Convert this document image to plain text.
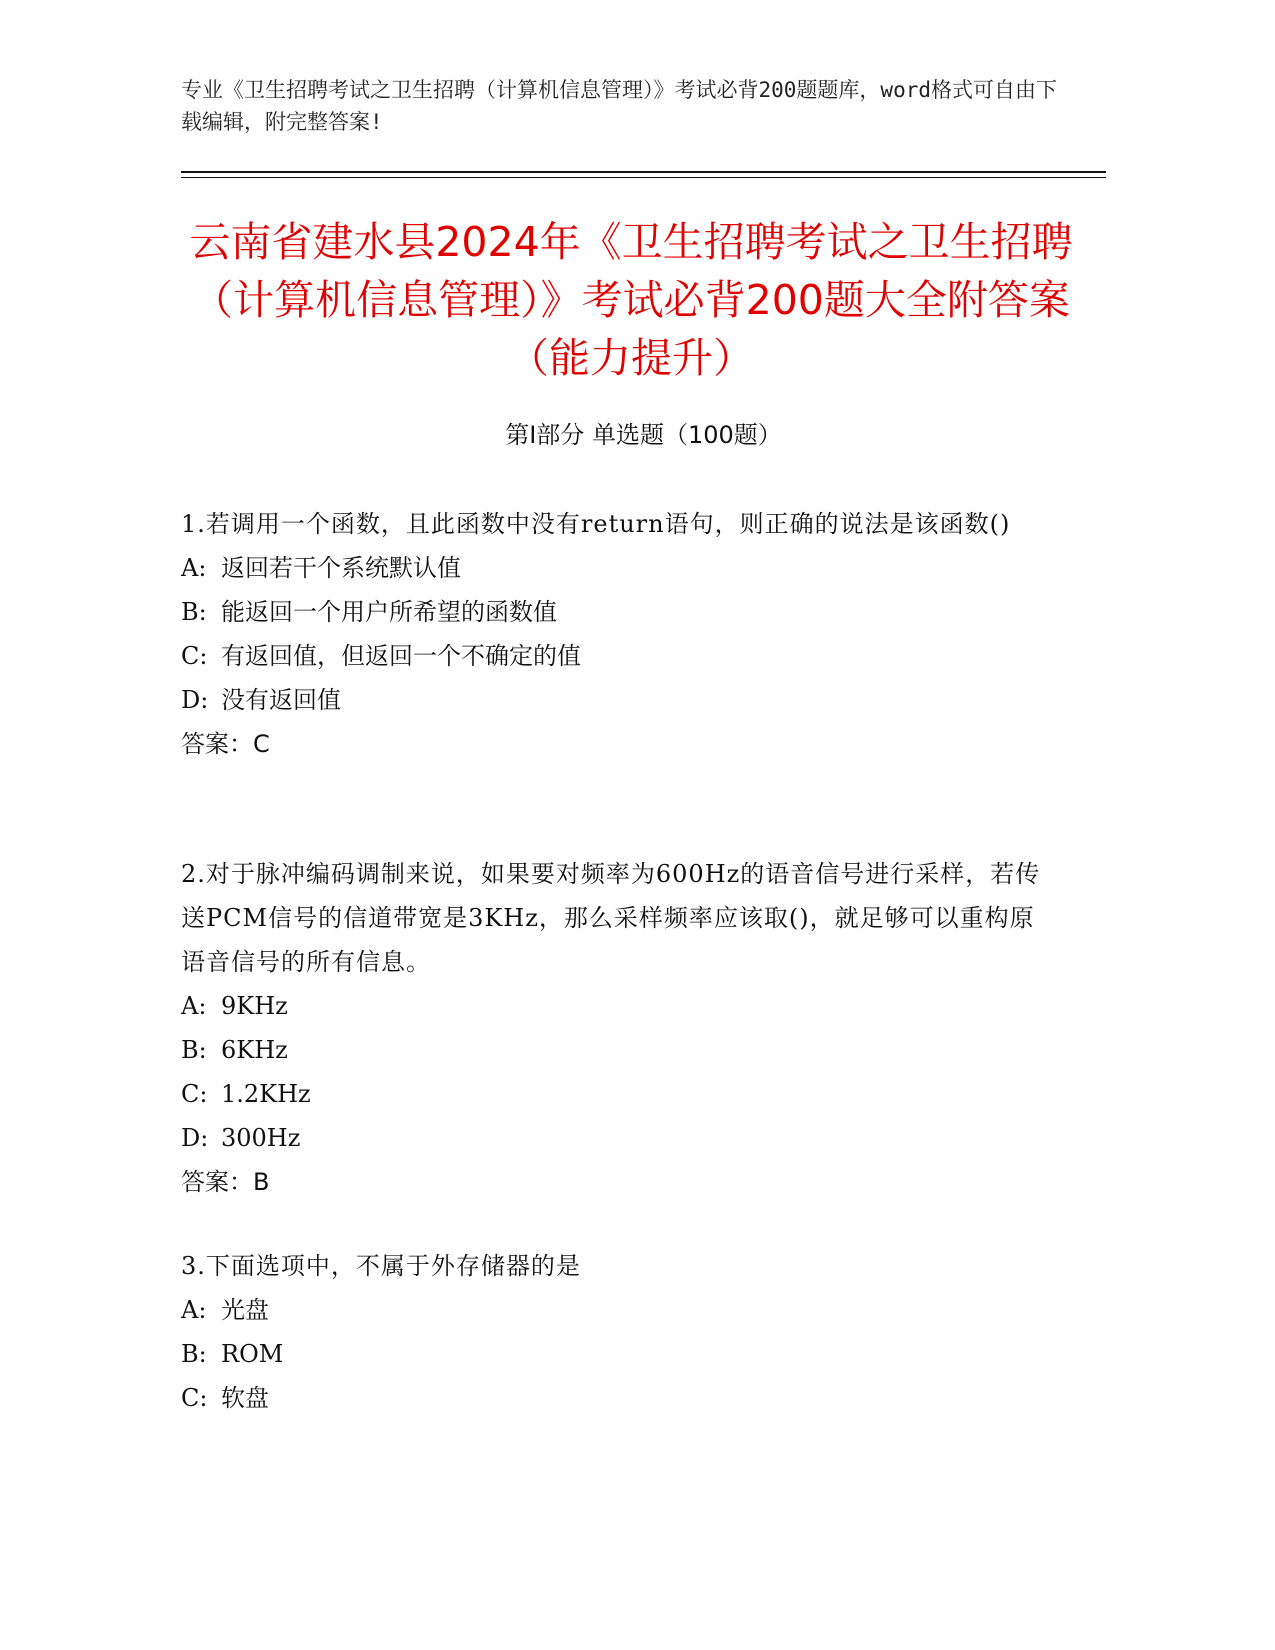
专业《卫生招聘考试之卫生招聘（计算机信息管理）》考试必背200题题库，word格式可自由下载编辑，附完整答案!
云南省建水县2024年《卫生招聘考试之卫生招聘（计算机信息管理）》考试必背200题大全附答案（能力提升）
第I部分 单选题（100题）
1.若调用一个函数，且此函数中没有return语句，则正确的说法是该函数()
A: 返回若干个系统默认值
B: 能返回一个用户所希望的函数值
C: 有返回值，但返回一个不确定的值
D: 没有返回值
答案：C
2.对于脉冲编码调制来说，如果要对频率为600Hz的语音信号进行采样，若传送PCM信号的信道带宽是3KHz，那么采样频率应该取()，就足够可以重构原语音信号的所有信息。
A: 9KHz
B: 6KHz
C: 1.2KHz
D: 300Hz
答案：B
3.下面选项中，不属于外存储器的是
A: 光盘
B: ROM
C: 软盘
